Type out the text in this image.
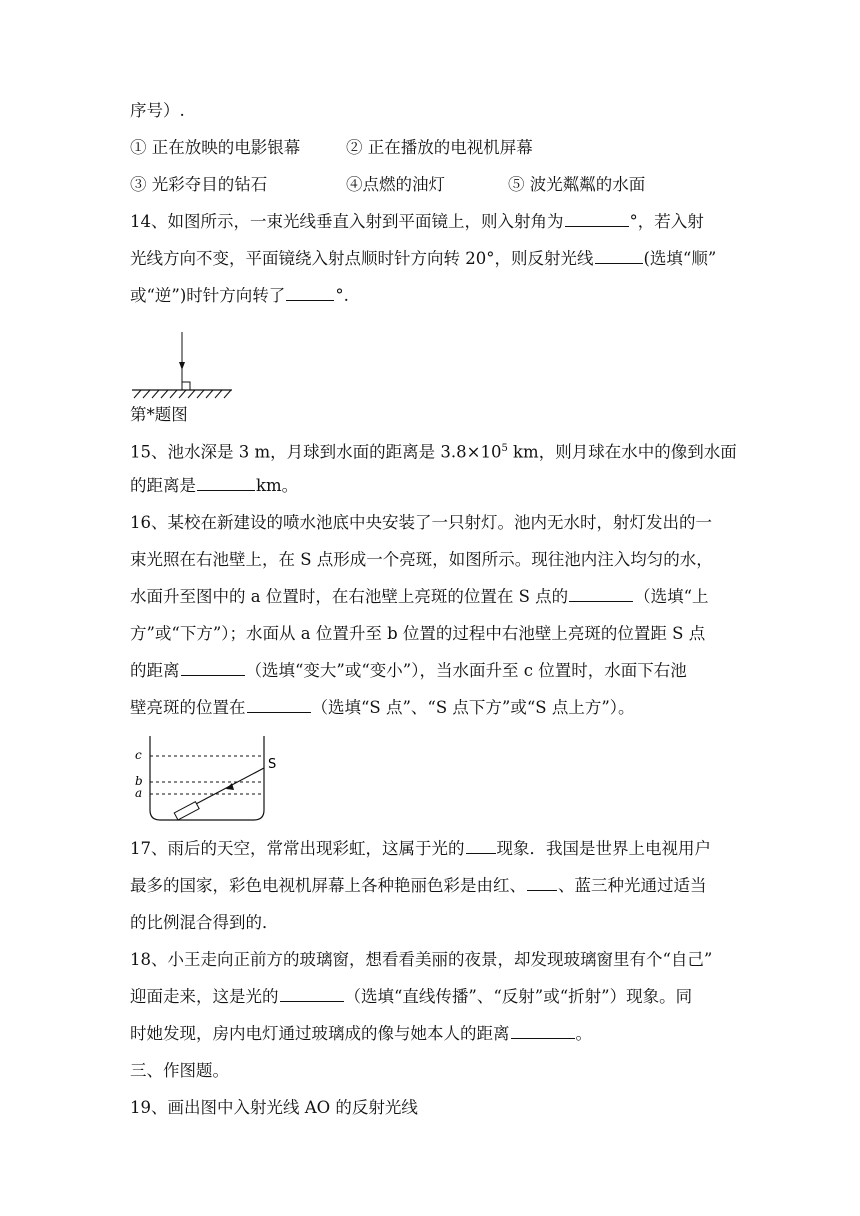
序号）.
① 正在放映的电影银幕	② 正在播放的电视机屏幕
③ 光彩夺目的钻石	④点燃的油灯	⑤ 波光粼粼的水面
14、如图所示，一束光线垂直入射到平面镜上，则入射角为	°，若入射
光线方向不变，平面镜绕入射点顺时针方向转 20°，则反射光线	(选填“顺”
或“逆”)时针方向转了	°.
第*题图
15、池水深是 3 m，月球到水面的距离是 $3.8\times 10^5$ km，则月球在水中的像到水面
的距离是	km。
16、某校在新建设的喷水池底中央安装了一只射灯。池内无水时，射灯发出的一
束光照在右池壁上，在 S 点形成一个亮斑，如图所示。现往池内注入均匀的水，
水面升至图中的 a 位置时，在右池壁上亮斑的位置在 S 点的	（选填“上
方”或“下方”）；水面从 a 位置升至 b 位置的过程中右池壁上亮斑的位置距 S 点
的距离	（选填“变大”或“变小”），当水面升至 c 位置时，水面下右池
壁亮斑的位置在	（选填“S 点”、“S 点下方”或“S 点上方”）。
c
b
a
S
17、雨后的天空，常常出现彩虹，这属于光的 现象．我国是世界上电视用户
最多的国家，彩色电视机屏幕上各种艳丽色彩是由红、 、蓝三种光通过适当
的比例混合得到的．
18、小王走向正前方的玻璃窗，想看看美丽的夜景，却发现玻璃窗里有个“自己”
迎面走来，这是光的	（选填“直线传播”、“反射”或“折射”）现象。同
时她发现，房内电灯通过玻璃成的像与她本人的距离	。
三、作图题。
19、画出图中入射光线 AO 的反射光线
